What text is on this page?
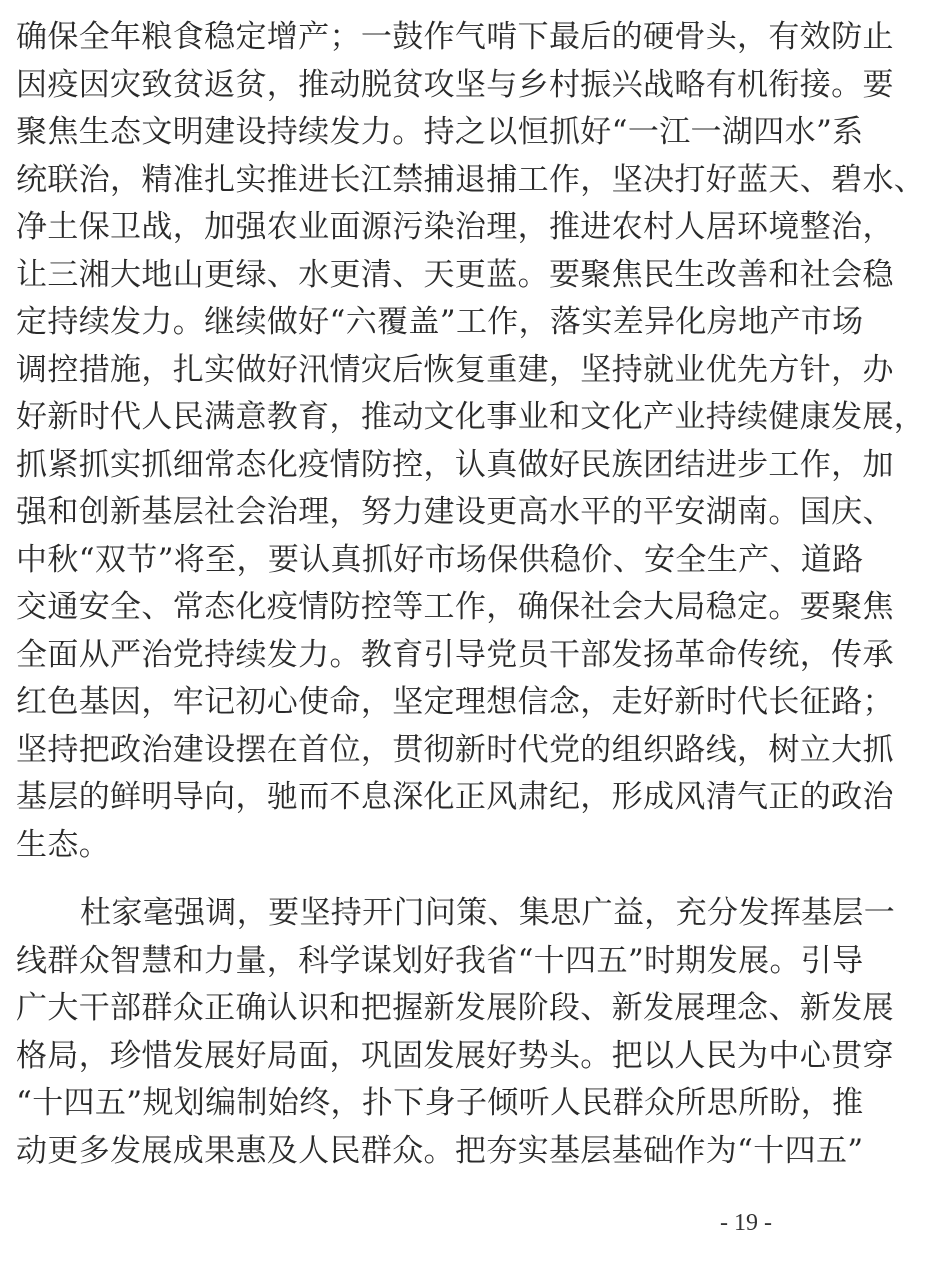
确保全年粮食稳定增产；一鼓作气啃下最后的硬骨头，有效防止
因疫因灾致贫返贫，推动脱贫攻坚与乡村振兴战略有机衔接。要
聚焦生态文明建设持续发力。持之以恒抓好“一江一湖四水”系
统联治，精准扎实推进长江禁捕退捕工作，坚决打好蓝天、碧水、
净土保卫战，加强农业面源污染治理，推进农村人居环境整治，
让三湘大地山更绿、水更清、天更蓝。要聚焦民生改善和社会稳
定持续发力。继续做好“六覆盖”工作，落实差异化房地产市场
调控措施，扎实做好汛情灾后恢复重建，坚持就业优先方针，办
好新时代人民满意教育，推动文化事业和文化产业持续健康发展，
抓紧抓实抓细常态化疫情防控，认真做好民族团结进步工作，加
强和创新基层社会治理，努力建设更高水平的平安湖南。国庆、
中秋“双节”将至，要认真抓好市场保供稳价、安全生产、道路
交通安全、常态化疫情防控等工作，确保社会大局稳定。要聚焦
全面从严治党持续发力。教育引导党员干部发扬革命传统，传承
红色基因，牢记初心使命，坚定理想信念，走好新时代长征路；
坚持把政治建设摆在首位，贯彻新时代党的组织路线，树立大抓
基层的鲜明导向，驰而不息深化正风肃纪，形成风清气正的政治
生态。
杜家毫强调，要坚持开门问策、集思广益，充分发挥基层一
线群众智慧和力量，科学谋划好我省“十四五”时期发展。引导
广大干部群众正确认识和把握新发展阶段、新发展理念、新发展
格局，珍惜发展好局面，巩固发展好势头。把以人民为中心贯穿
“十四五”规划编制始终，扑下身子倾听人民群众所思所盼，推
动更多发展成果惠及人民群众。把夯实基层基础作为“十四五”
- 19 -
